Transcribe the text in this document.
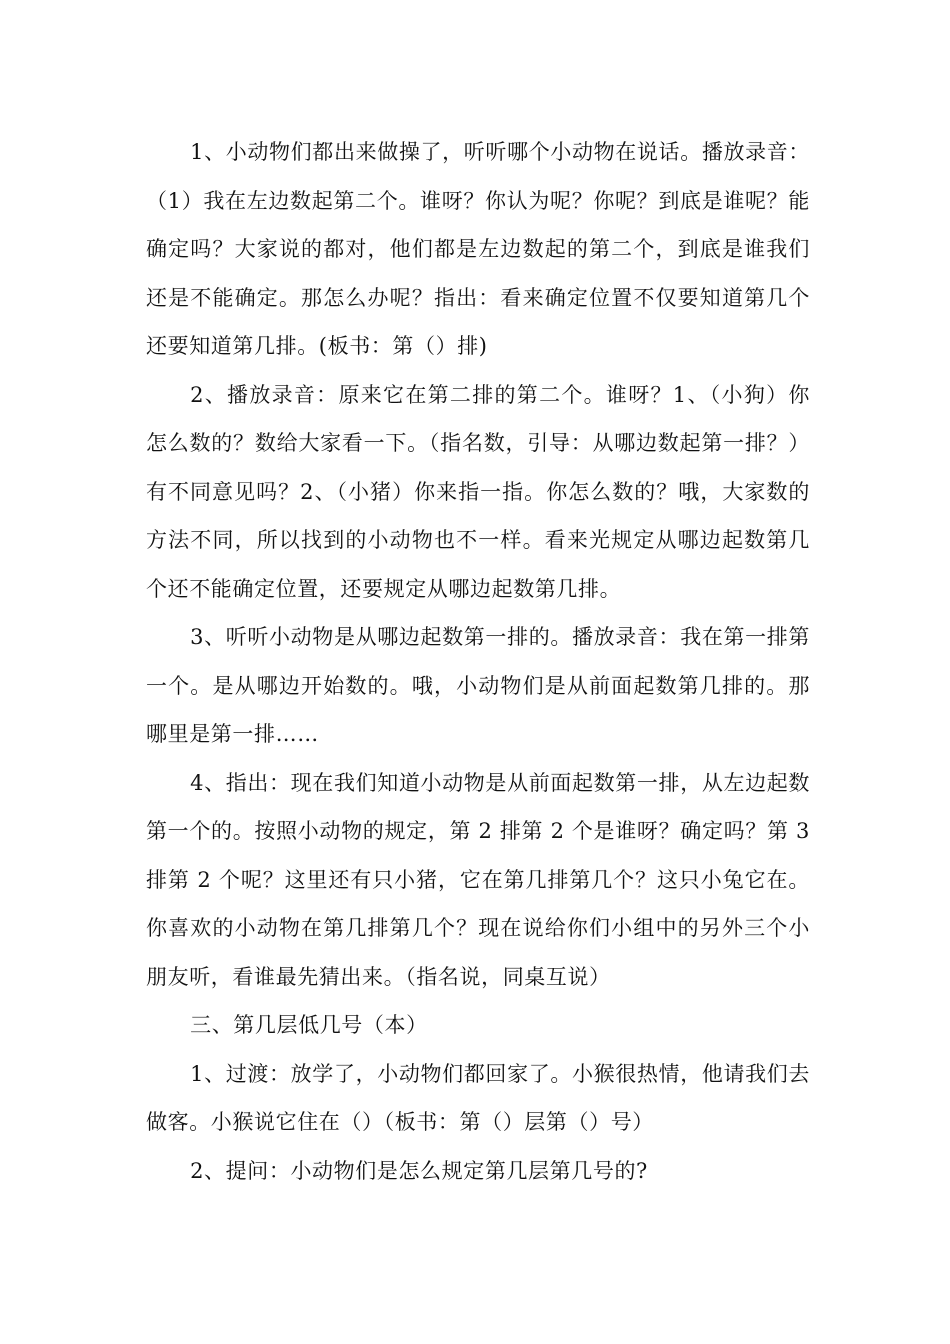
1、小动物们都出来做操了，听听哪个小动物在说话。播放录音：（1）我在左边数起第二个。谁呀？你认为呢？你呢？到底是谁呢？能确定吗？大家说的都对，他们都是左边数起的第二个，到底是谁我们还是不能确定。那怎么办呢？指出：看来确定位置不仅要知道第几个还要知道第几排。(板书：第（）排)

2、播放录音：原来它在第二排的第二个。谁呀？1、（小狗）你怎么数的？数给大家看一下。（指名数，引导：从哪边数起第一排？）有不同意见吗？2、（小猪）你来指一指。你怎么数的？哦，大家数的方法不同，所以找到的小动物也不一样。看来光规定从哪边起数第几个还不能确定位置，还要规定从哪边起数第几排。

3、听听小动物是从哪边起数第一排的。播放录音：我在第一排第一个。是从哪边开始数的。哦，小动物们是从前面起数第几排的。那哪里是第一排……

4、指出：现在我们知道小动物是从前面起数第一排，从左边起数第一个的。按照小动物的规定，第 2 排第 2 个是谁呀？确定吗？第 3 排第 2 个呢？这里还有只小猪，它在第几排第几个？这只小兔它在。你喜欢的小动物在第几排第几个？现在说给你们小组中的另外三个小朋友听，看谁最先猜出来。（指名说，同桌互说）

三、第几层低几号（本）

1、过渡：放学了，小动物们都回家了。小猴很热情，他请我们去做客。小猴说它住在（）（板书：第（）层第（）号）

2、提问：小动物们是怎么规定第几层第几号的?
